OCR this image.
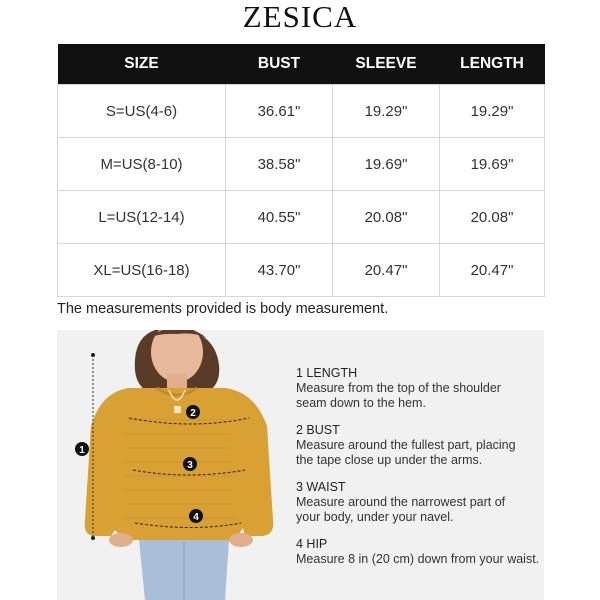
ZESICA
SIZE	BUST	SLEEVE	LENGTH
S=US(4-6)	36.61"	19.29"	19.29"
M=US(8-10)	38.58"	19.69"	19.69"
L=US(12-14)	40.55"	20.08"	20.08"
XL=US(16-18)	43.70"	20.47"	20.47"
The measurements provided is body measurement.
1
2
3
4
1 LENGTH
Measure from the top of the shoulder
seam down to the hem.
2 BUST
Measure around the fullest part, placing
the tape close up under the arms.
3 WAIST
Measure around the narrowest part of
your body, under your navel.
4 HIP
Measure 8 in (20 cm) down from your waist.
